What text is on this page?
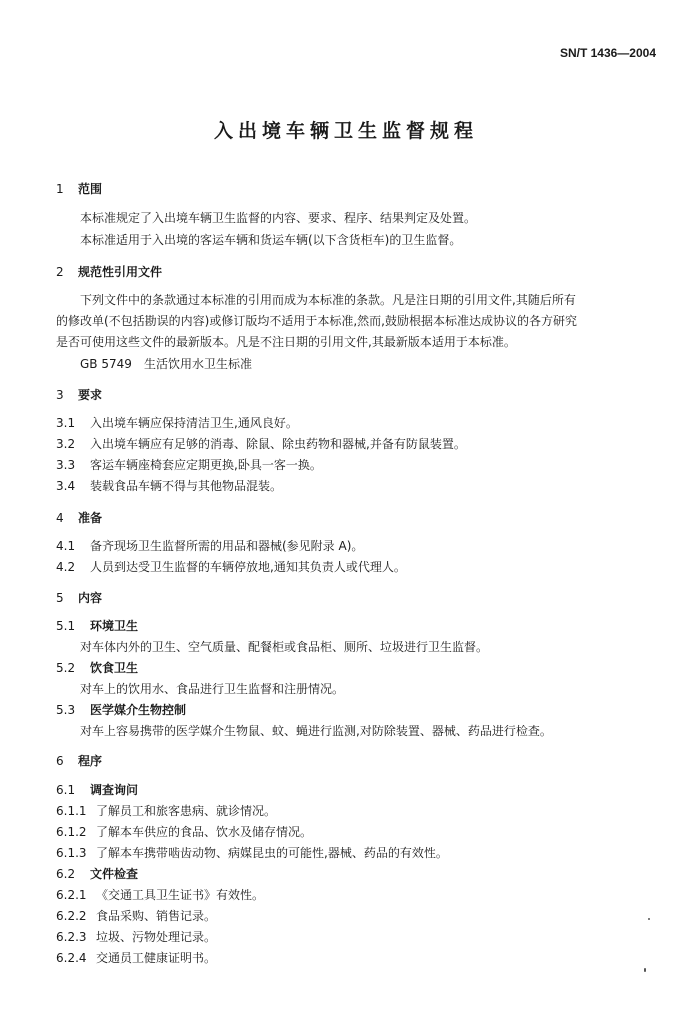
SN/T 1436—2004
入出境车辆卫生监督规程
1 范围
本标准规定了入出境车辆卫生监督的内容、要求、程序、结果判定及处置。
本标准适用于入出境的客运车辆和货运车辆(以下含货柜车)的卫生监督。
2 规范性引用文件
下列文件中的条款通过本标准的引用而成为本标准的条款。凡是注日期的引用文件,其随后所有
的修改单(不包括勘误的内容)或修订版均不适用于本标准,然而,鼓励根据本标准达成协议的各方研究
是否可使用这些文件的最新版本。凡是不注日期的引用文件,其最新版本适用于本标准。
GB 5749 生活饮用水卫生标准
3 要求
3.1 入出境车辆应保持清洁卫生,通风良好。
3.2 入出境车辆应有足够的消毒、除鼠、除虫药物和器械,并备有防鼠装置。
3.3 客运车辆座椅套应定期更换,卧具一客一换。
3.4 装载食品车辆不得与其他物品混装。
4 准备
4.1 备齐现场卫生监督所需的用品和器械(参见附录 A)。
4.2 人员到达受卫生监督的车辆停放地,通知其负责人或代理人。
5 内容
5.1 环境卫生
对车体内外的卫生、空气质量、配餐柜或食品柜、厕所、垃圾进行卫生监督。
5.2 饮食卫生
对车上的饮用水、食品进行卫生监督和注册情况。
5.3 医学媒介生物控制
对车上容易携带的医学媒介生物鼠、蚊、蝇进行监测,对防除装置、器械、药品进行检查。
6 程序
6.1 调查询问
6.1.1 了解员工和旅客患病、就诊情况。
6.1.2 了解本车供应的食品、饮水及储存情况。
6.1.3 了解本车携带啮齿动物、病媒昆虫的可能性,器械、药品的有效性。
6.2 文件检查
6.2.1 《交通工具卫生证书》有效性。
6.2.2 食品采购、销售记录。
6.2.3 垃圾、污物处理记录。
6.2.4 交通员工健康证明书。
